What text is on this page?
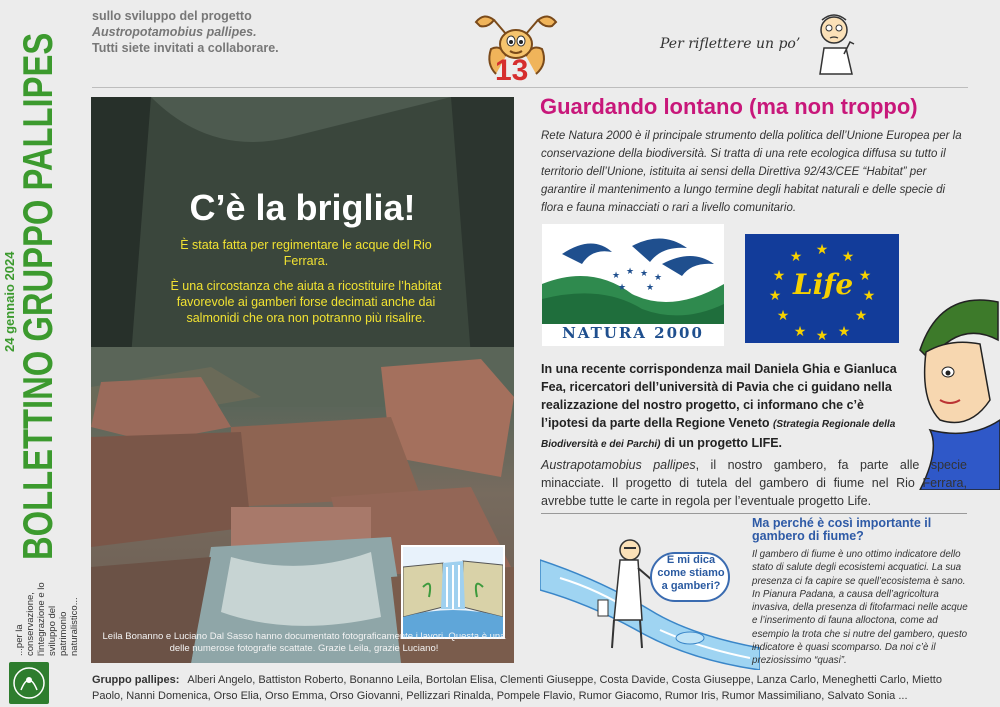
BOLLETTINO GRUPPO PALLIPES
24 gennaio 2024
...per la conservazione, l'integrazione e lo sviluppo del patrimonio naturalistico...
sullo sviluppo del progetto
Austropotamobius pallipes.
Tutti siete invitati a collaborare.
13
Per riflettere un po’
C’è la briglia!
È stata fatta per regimentare le acque del Rio Ferrara.
È una circostanza che aiuta a ricostituire l’habitat favorevole ai gamberi forse decimati anche dai salmonidi che ora non potranno più risalire.
Leila Bonanno e Luciano Dal Sasso hanno documentato fotograficamente i lavori. Questa è una delle numerose fotografie scattate. Grazie Leila, grazie Luciano!
Guardando lontano (ma non troppo)
Rete Natura 2000 è il principale strumento della politica dell’Unione Europea per la conservazione della biodiversità. Si tratta di una rete ecologica diffusa su tutto il territorio dell’Unione, istituita ai sensi della Direttiva 92/43/CEE “Habitat” per garantire il mantenimento a lungo termine degli habitat naturali e delle specie di flora e fauna minacciati o rari a livello comunitario.
★ ★ ★ ★
★ ★
NATURA 2000
★ ★
★
★
★
★
★
★
★
★
★
★
Life
In una recente corrispondenza mail Daniela Ghia e Gianluca Fea, ricercatori dell’università di Pavia che ci guidano nella realizzazione del nostro progetto, ci informano che c’è l’ipotesi da parte della Regione Veneto (Strategia Regionale della Biodiversità e dei Parchi) di un progetto LIFE.
Austrapotamobius pallipes, il nostro gambero, fa parte alle specie minacciate. Il progetto di tutela del gambero di fiume nel Rio Ferrara, avrebbe tutte le carte in regola per l’eventuale progetto Life.
E mi dica come stiamo a gamberi?
Ma perché è così importante il gambero di fiume?
Il gambero di fiume è uno ottimo indicatore dello stato di salute degli ecosistemi acquatici. La sua presenza ci fa capire se quell’ecosistema è sano. In Pianura Padana, a causa dell’agricoltura invasiva, della presenza di fitofarmaci nelle acque e l’inserimento di fauna alloctona, come ad esempio la trota che si nutre del gambero, questo indicatore è quasi scomparso. Da noi c’è il preziosissimo “quasi”.
Gruppo pallipes: Alberi Angelo, Battiston Roberto, Bonanno Leila, Bortolan Elisa, Clementi Giuseppe, Costa Davide, Costa Giuseppe, Lanza Carlo, Meneghetti Carlo, Mietto Paolo, Nanni Domenica, Orso Elia, Orso Emma, Orso Giovanni, Pellizzari Rinalda, Pompele Flavio, Rumor Giacomo, Rumor Iris, Rumor Massimiliano, Salvato Sonia ...
